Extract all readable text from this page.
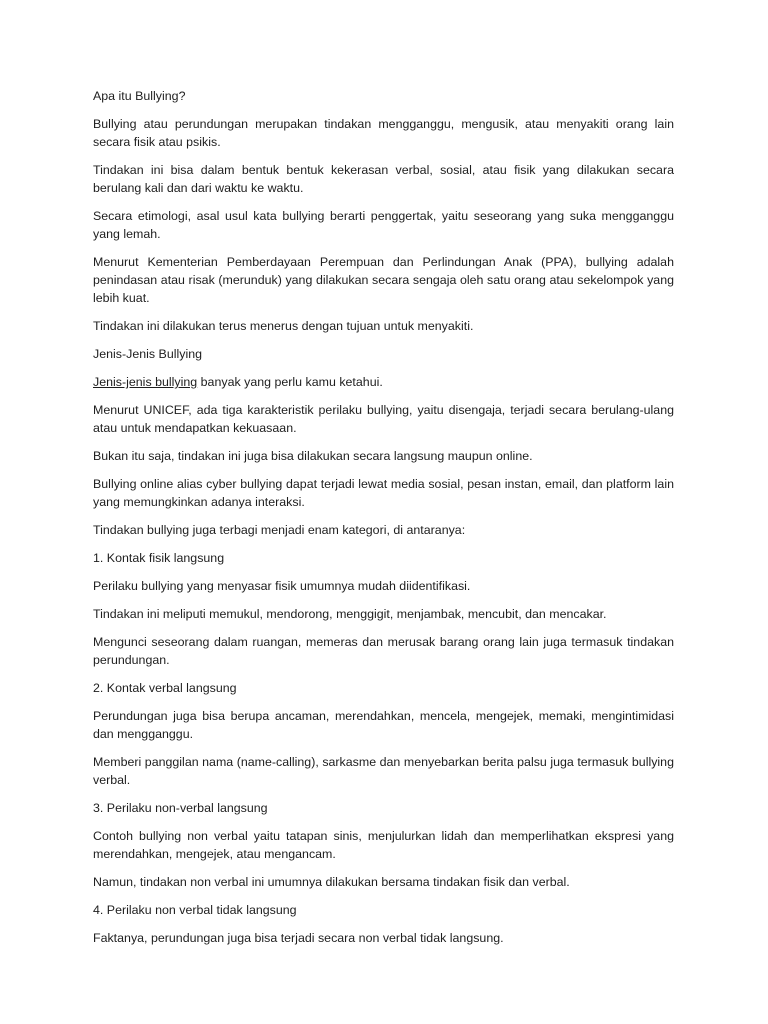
Apa itu Bullying?

Bullying atau perundungan merupakan tindakan mengganggu, mengusik, atau menyakiti orang lain secara fisik atau psikis.

Tindakan ini bisa dalam bentuk bentuk kekerasan verbal, sosial, atau fisik yang dilakukan secara berulang kali dan dari waktu ke waktu.

Secara etimologi, asal usul kata bullying berarti penggertak, yaitu seseorang yang suka mengganggu yang lemah.

Menurut Kementerian Pemberdayaan Perempuan dan Perlindungan Anak (PPA), bullying adalah penindasan atau risak (merunduk) yang dilakukan secara sengaja oleh satu orang atau sekelompok yang lebih kuat.

Tindakan ini dilakukan terus menerus dengan tujuan untuk menyakiti.

Jenis-Jenis Bullying

Jenis-jenis bullying banyak yang perlu kamu ketahui.

Menurut UNICEF, ada tiga karakteristik perilaku bullying, yaitu disengaja, terjadi secara berulang-ulang atau untuk mendapatkan kekuasaan.

Bukan itu saja, tindakan ini juga bisa dilakukan secara langsung maupun online.

Bullying online alias cyber bullying dapat terjadi lewat media sosial, pesan instan, email, dan platform lain yang memungkinkan adanya interaksi.

Tindakan bullying juga terbagi menjadi enam kategori, di antaranya:

1. Kontak fisik langsung

Perilaku bullying yang menyasar fisik umumnya mudah diidentifikasi.

Tindakan ini meliputi memukul, mendorong, menggigit, menjambak, mencubit, dan mencakar.

Mengunci seseorang dalam ruangan, memeras dan merusak barang orang lain juga termasuk tindakan perundungan.

2. Kontak verbal langsung

Perundungan juga bisa berupa ancaman, merendahkan, mencela, mengejek, memaki, mengintimidasi dan mengganggu.

Memberi panggilan nama (name-calling), sarkasme dan menyebarkan berita palsu juga termasuk bullying verbal.

3. Perilaku non-verbal langsung

Contoh bullying non verbal yaitu tatapan sinis, menjulurkan lidah dan memperlihatkan ekspresi yang merendahkan, mengejek, atau mengancam.

Namun, tindakan non verbal ini umumnya dilakukan bersama tindakan fisik dan verbal.

4. Perilaku non verbal tidak langsung

Faktanya, perundungan juga bisa terjadi secara non verbal tidak langsung.
